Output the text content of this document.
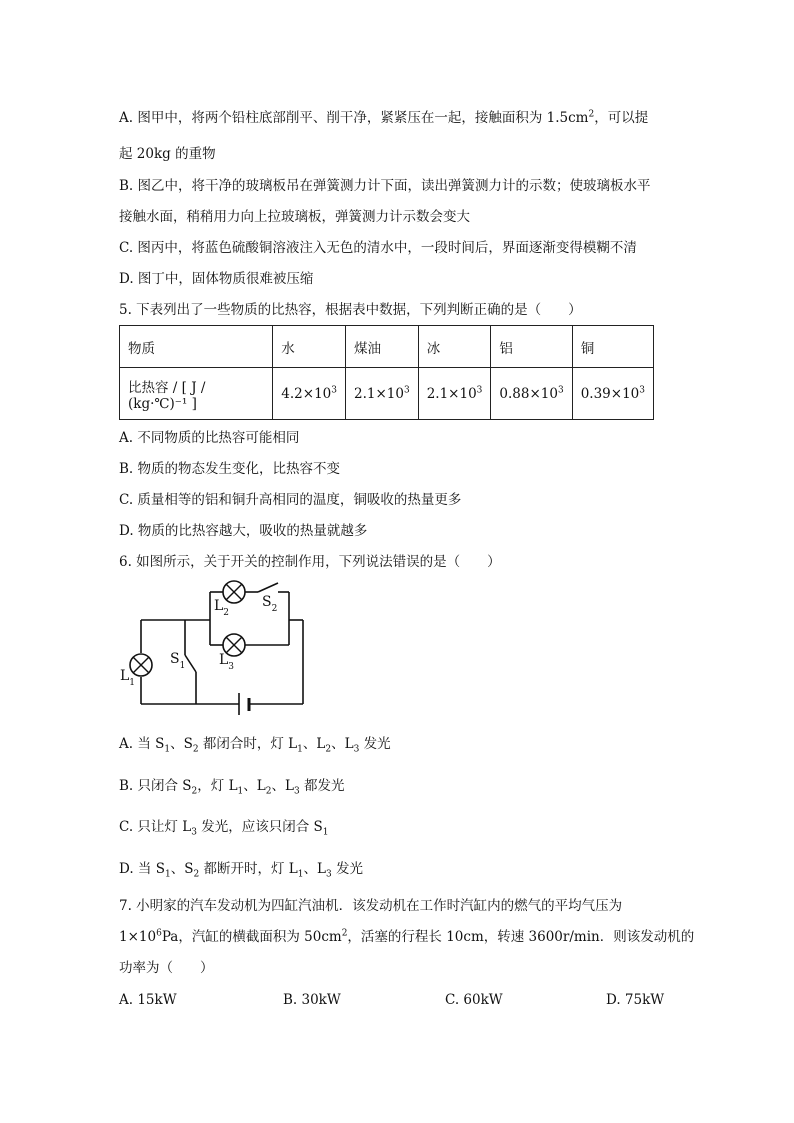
A. 图甲中，将两个铅柱底部削平、削干净，紧紧压在一起，接触面积为 $1.5cm^2$，可以提
起 20kg 的重物
B. 图乙中，将干净的玻璃板吊在弹簧测力计下面，读出弹簧测力计的示数；使玻璃板水平
接触水面，稍稍用力向上拉玻璃板，弹簧测力计示数会变大
C. 图丙中，将蓝色硫酸铜溶液注入无色的清水中，一段时间后，界面逐渐变得模糊不清
D. 图丁中，固体物质很难被压缩
5. 下表列出了一些物质的比热容，根据表中数据，下列判断正确的是（　　）
物质	水	煤油	冰	铝	铜
比热容 / [ J / (kg·℃)⁻¹ ]	$4.2\times 10^3$	$2.1\times 10^3$	$2.1\times 10^3$	$0.88\times 10^3$	$0.39\times 10^3$
A. 不同物质的比热容可能相同
B. 物质的物态发生变化，比热容不变
C. 质量相等的铝和铜升高相同的温度，铜吸收的热量更多
D. 物质的比热容越大，吸收的热量就越多
6. 如图所示，关于开关的控制作用，下列说法错误的是（　　）
$L_1$
$L_2$
$L_3$
$S_1$
$S_2$
A. 当 $S_1$、$S_2$ 都闭合时，灯 $L_1$、$L_2$、$L_3$ 发光
B. 只闭合 $S_2$，灯 $L_1$、$L_2$、$L_3$ 都发光
C. 只让灯 $L_3$ 发光，应该只闭合 $S_1$
D. 当 $S_1$、$S_2$ 都断开时，灯 $L_1$、$L_3$ 发光
7. 小明家的汽车发动机为四缸汽油机．该发动机在工作时汽缸内的燃气的平均气压为
$1\times 10^6Pa$，汽缸的横截面积为 $50cm^2$，活塞的行程长 10cm，转速 3600r/min．则该发动机的
功率为（　　）
A. 15kW	B. 30kW	C. 60kW	D. 75kW
